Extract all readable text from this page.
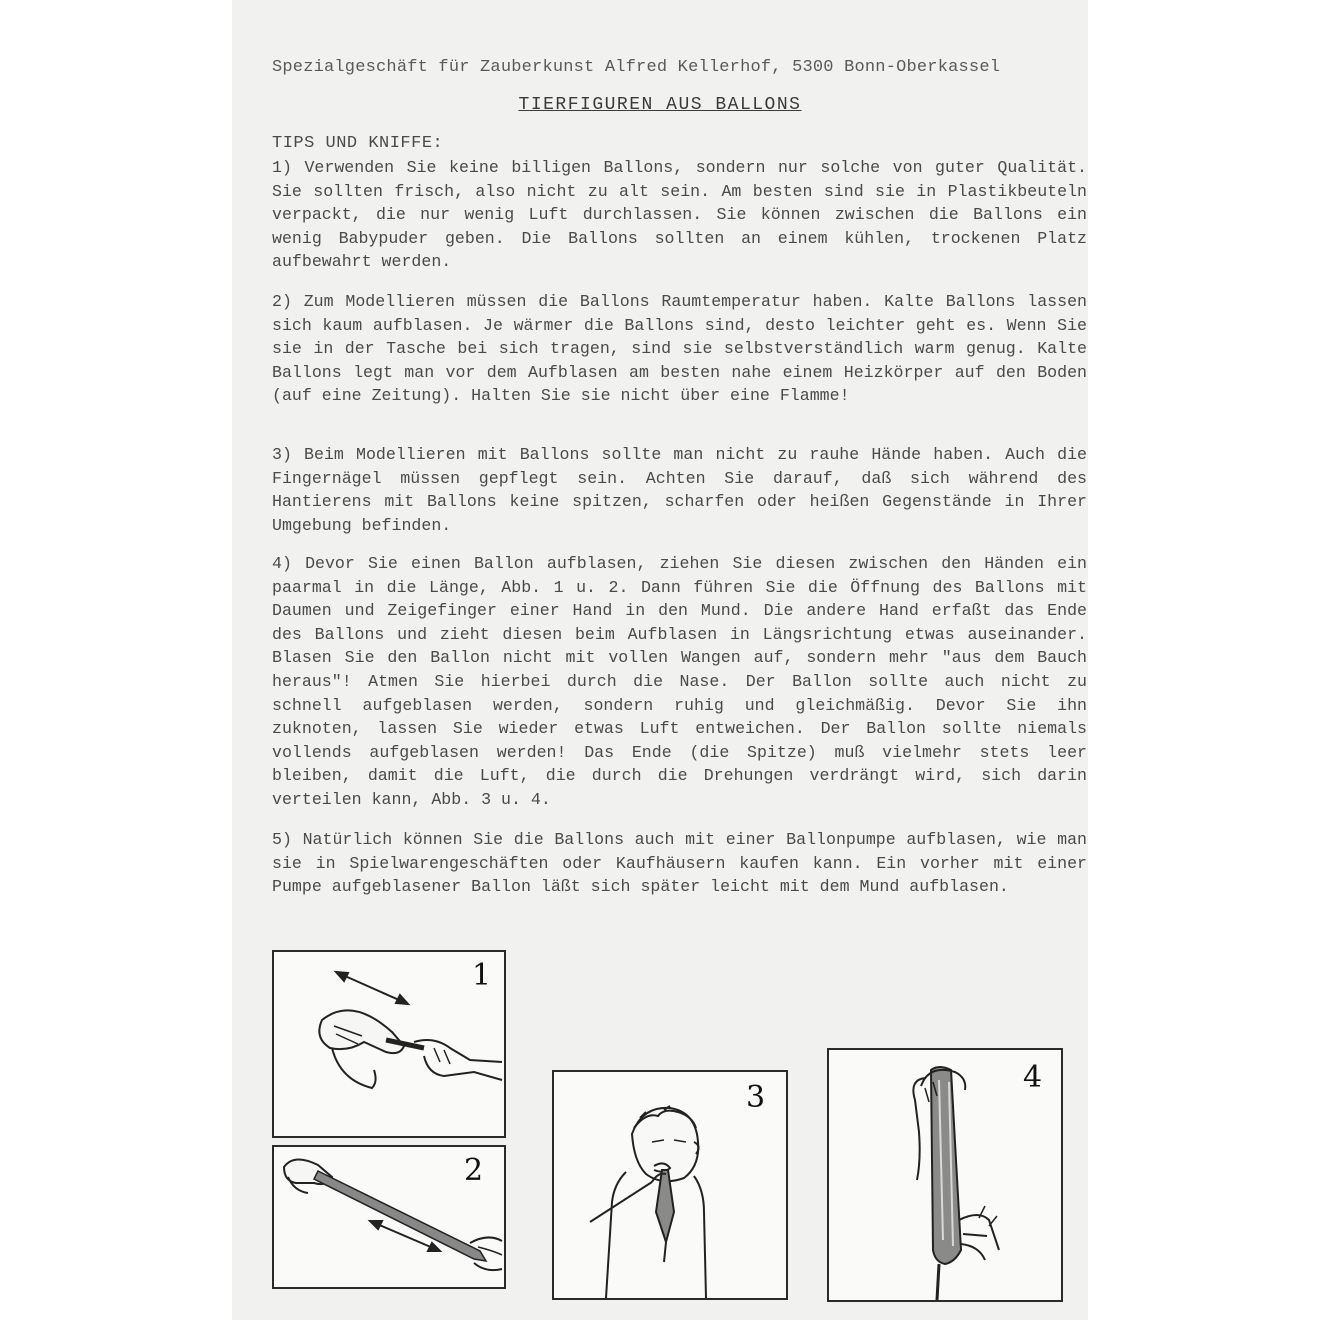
Spezialgeschäft für Zauberkunst Alfred Kellerhof, 5300 Bonn-Oberkassel
TIERFIGUREN AUS BALLONS
TIPS UND KNIFFE:

1) Verwenden Sie keine billigen Ballons, sondern nur solche von guter Qualität. Sie sollten frisch, also nicht zu alt sein. Am besten sind sie in Plastikbeuteln verpackt, die nur wenig Luft durchlassen. Sie können zwischen die Ballons ein wenig Babypuder geben. Die Ballons sollten an einem kühlen, trockenen Platz aufbewahrt werden.

2) Zum Modellieren müssen die Ballons Raumtemperatur haben. Kalte Ballons lassen sich kaum aufblasen. Je wärmer die Ballons sind, desto leichter geht es. Wenn Sie sie in der Tasche bei sich tragen, sind sie selbstverständlich warm genug. Kalte Ballons legt man vor dem Aufblasen am besten nahe einem Heizkörper auf den Boden (auf eine Zeitung). Halten Sie sie nicht über eine Flamme!

3) Beim Modellieren mit Ballons sollte man nicht zu rauhe Hände haben. Auch die Fingernägel müssen gepflegt sein. Achten Sie darauf, daß sich während des Hantierens mit Ballons keine spitzen, scharfen oder heißen Gegenstände in Ihrer Umgebung befinden.

4) Devor Sie einen Ballon aufblasen, ziehen Sie diesen zwischen den Händen ein paarmal in die Länge, Abb. 1 u. 2. Dann führen Sie die Öffnung des Ballons mit Daumen und Zeigefinger einer Hand in den Mund. Die andere Hand erfaßt das Ende des Ballons und zieht diesen beim Aufblasen in Längsrichtung etwas auseinander. Blasen Sie den Ballon nicht mit vollen Wangen auf, sondern mehr "aus dem Bauch heraus"! Atmen Sie hierbei durch die Nase. Der Ballon sollte auch nicht zu schnell aufgeblasen werden, sondern ruhig und gleichmäßig. Devor Sie ihn zuknoten, lassen Sie wieder etwas Luft entweichen. Der Ballon sollte niemals vollends aufgeblasen werden! Das Ende (die Spitze) muß vielmehr stets leer bleiben, damit die Luft, die durch die Drehungen verdrängt wird, sich darin verteilen kann, Abb. 3 u. 4.

5) Natürlich können Sie die Ballons auch mit einer Ballonpumpe aufblasen, wie man sie in Spielwarengeschäften oder Kaufhäusern kaufen kann. Ein vorher mit einer Pumpe aufgeblasener Ballon läßt sich später leicht mit dem Mund aufblasen.

1
2
3
4
